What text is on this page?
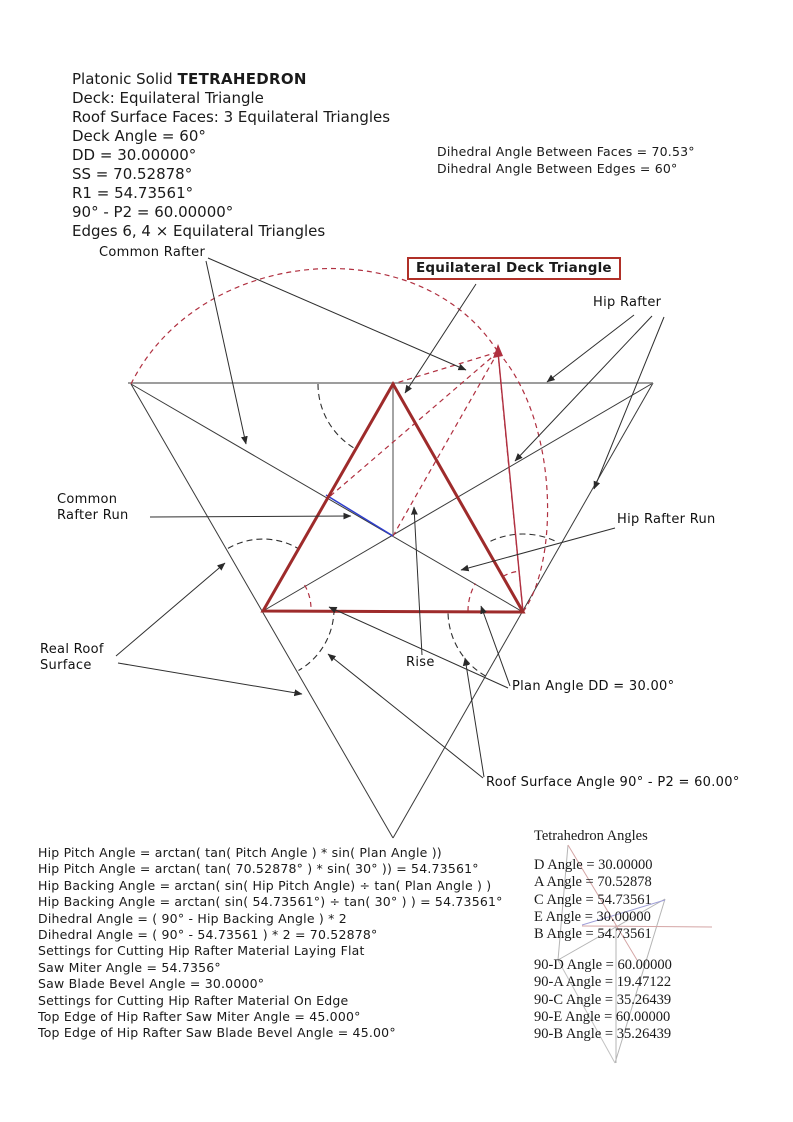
Platonic Solid TETRAHEDRON
Deck: Equilateral Triangle
Roof Surface Faces: 3 Equilateral Triangles
Deck Angle = 60°
DD = 30.00000°
SS = 70.52878°
R1 = 54.73561°
90° - P2 = 60.00000°
Edges 6, 4 × Equilateral Triangles
Dihedral Angle Between Faces = 70.53°
Dihedral Angle Between Edges = 60°
Common Rafter
Equilateral Deck Triangle
Hip Rafter
Common
Rafter Run	Hip Rafter Run
Real Roof
Surface	Rise
Plan Angle DD = 30.00°
Roof Surface Angle 90° - P2 = 60.00°
Hip Pitch Angle = arctan( tan( Pitch Angle ) * sin( Plan Angle ))
Hip Pitch Angle = arctan( tan( 70.52878° ) * sin( 30° )) = 54.73561°
Hip Backing Angle = arctan( sin( Hip Pitch Angle) ÷ tan( Plan Angle ) )
Hip Backing Angle = arctan( sin( 54.73561°) ÷ tan( 30° ) ) = 54.73561°
Dihedral Angle = ( 90° - Hip Backing Angle ) * 2
Dihedral Angle = ( 90° - 54.73561 ) * 2 = 70.52878°
Settings for Cutting Hip Rafter Material Laying Flat
Saw Miter Angle = 54.7356°
Saw Blade Bevel Angle = 30.0000°
Settings for Cutting Hip Rafter Material On Edge
Top Edge of Hip Rafter Saw Miter Angle = 45.000°
Top Edge of Hip Rafter Saw Blade Bevel Angle = 45.00°
Tetrahedron Angles
D Angle = 30.00000
A Angle = 70.52878
C Angle = 54.73561
E Angle = 30.00000
B Angle = 54.73561
90-D Angle = 60.00000
90-A Angle = 19.47122
90-C Angle = 35.26439
90-E Angle = 60.00000
90-B Angle = 35.26439
